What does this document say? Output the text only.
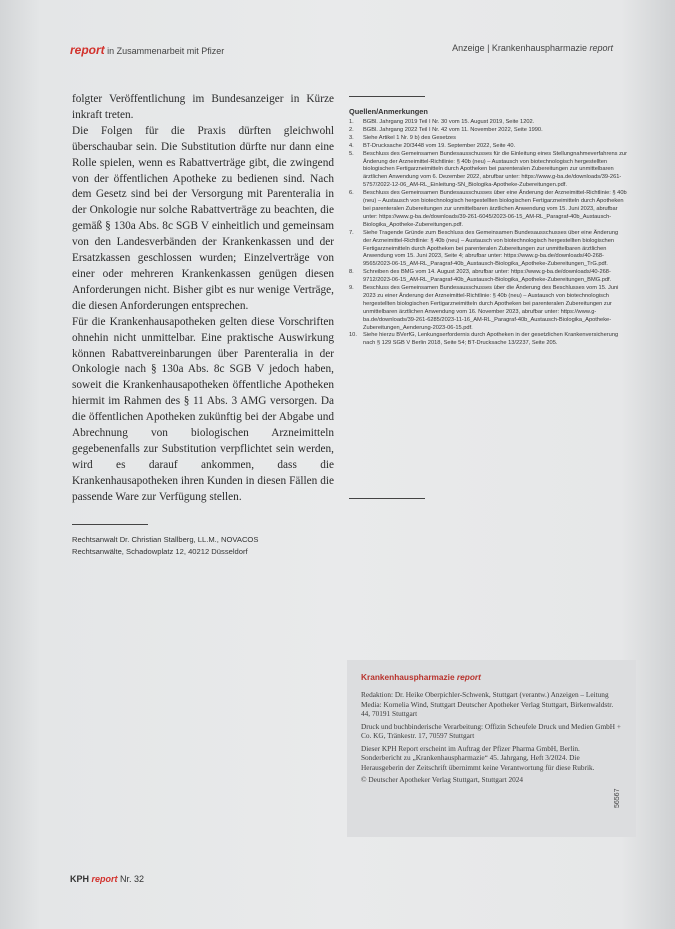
report in Zusammenarbeit mit Pfizer	Anzeige | Krankenhauspharmazie report

folgter Veröffentlichung im Bundesanzeiger in Kürze inkraft treten.

Die Folgen für die Praxis dürften gleichwohl überschaubar sein. Die Substitution dürfte nur dann eine Rolle spielen, wenn es Rabattverträge gibt, die zwingend von der öffentlichen Apotheke zu bedienen sind. Nach dem Gesetz sind bei der Versorgung mit Parenteralia in der Onkologie nur solche Rabattverträge zu beachten, die gemäß § 130a Abs. 8c SGB V einheitlich und gemeinsam von den Landesverbänden der Krankenkassen und der Ersatzkassen geschlossen wurden; Einzelverträge von einer oder mehreren Krankenkassen genügen diesen Anforderungen nicht. Bisher gibt es nur wenige Verträge, die diesen Anforderungen entsprechen.

Für die Krankenhausapotheken gelten diese Vorschriften ohnehin nicht unmittelbar. Eine praktische Auswirkung können Rabattvereinbarungen über Parenteralia in der Onkologie nach § 130a Abs. 8c SGB V jedoch haben, soweit die Krankenhausapotheken öffentliche Apotheken hiermit im Rahmen des § 11 Abs. 3 AMG versorgen. Da die öffentlichen Apotheken zukünftig bei der Abgabe und Abrechnung von biologischen Arzneimitteln gegebenenfalls zur Substitution verpflichtet sein werden, wird es darauf ankommen, dass die Krankenhausapotheken ihren Kunden in diesen Fällen die passende Ware zur Verfügung stellen.

Rechtsanwalt Dr. Christian Stallberg, LL.M., NOVACOS
Rechtsanwälte, Schadowplatz 12, 40212 Düsseldorf
Quellen/Anmerkungen
1.	BGBl. Jahrgang 2019 Teil I Nr. 30 vom 15. August 2019, Seite 1202.
2.	BGBl. Jahrgang 2022 Teil I Nr. 42 vom 11. November 2022, Seite 1990.
3.	Siehe Artikel 1 Nr. 9 b) des Gesetzes
4.	BT-Drucksache 20/3448 vom 19. September 2022, Seite 40.
5.	Beschluss des Gemeinsamen Bundesausschusses für die Einleitung eines Stellungnahmeverfahrens zur Änderung der Arzneimittel-Richtlinie: § 40b (neu) – Austausch von biotechnologisch hergestellten biologischen Fertigarzneimitteln durch Apotheken bei parenteralen Zubereitungen zur unmittelbaren ärztlichen Anwendung vom 6. Dezember 2022, abrufbar unter: https://www.g-ba.de/downloads/39-261-5757/2022-12-06_AM-RL_Einleitung-SN_Biologika-Apotheke-Zubereitungen.pdf.
6.	Beschluss des Gemeinsamen Bundesausschusses über eine Änderung der Arzneimittel-Richtlinie: § 40b (neu) – Austausch von biotechnologisch hergestellten biologischen Fertigarzneimitteln durch Apotheken bei parenteralen Zubereitungen zur unmittelbaren ärztlichen Anwendung vom 15. Juni 2023, abrufbar unter: https://www.g-ba.de/downloads/39-261-6045/2023-06-15_AM-RL_Paragraf-40b_Austausch-Biologika_Apotheke-Zubereitungen.pdf.
7.	Siehe Tragende Gründe zum Beschluss des Gemeinsamen Bundesausschusses über eine Änderung der Arzneimittel-Richtlinie: § 40b (neu) – Austausch von biotechnologisch hergestellten biologischen Fertigarzneimitteln durch Apotheken bei parenteralen Zubereitungen zur unmittelbaren ärztlichen Anwendung vom 15. Juni 2023, Seite 4; abrufbar unter: https://www.g-ba.de/downloads/40-268-9565/2023-06-15_AM-RL_Paragraf-40b_Austausch-Biologika_Apotheke-Zubereitungen_TrG.pdf.
8.	Schreiben des BMG vom 14. August 2023, abrufbar unter: https://www.g-ba.de/downloads/40-268-9712/2023-06-15_AM-RL_Paragraf-40b_Austausch-Biologika_Apotheke-Zubereitungen_BMG.pdf.
9.	Beschluss des Gemeinsamen Bundesausschusses über die Änderung des Beschlusses vom 15. Juni 2023 zu einer Änderung der Arzneimittel-Richtlinie: § 40b (neu) – Austausch von biotechnologisch hergestellten biologischen Fertigarzneimitteln durch Apotheken bei parenteralen Zubereitungen zur unmittelbaren ärztlichen Anwendung vom 16. November 2023, abrufbar unter: https://www.g-ba.de/downloads/39-261-6285/2023-11-16_AM-RL_Paragraf-40b_Austausch-Biologika_Apotheke-Zubereitungen_Aenderung-2023-06-15.pdf.
10.	Siehe hierzu BVerfG, Lenkungserfordernis durch Apotheken in der gesetzlichen Krankenversicherung nach § 129 SGB V Berlin 2018, Seite 54; BT-Drucksache 13/2237, Seite 205.
Krankenhauspharmazie report

Redaktion: Dr. Heike Oberpichler-Schwenk, Stuttgart (verantw.) Anzeigen – Leitung Media: Kornelia Wind, Stuttgart Deutscher Apotheker Verlag Stuttgart, Birkenwaldstr. 44, 70191 Stuttgart

Druck und buchbinderische Verarbeitung: Offizin Scheufele Druck und Medien GmbH + Co. KG, Tränkestr. 17, 70597 Stuttgart

Dieser KPH Report erscheint im Auftrag der Pfizer Pharma GmbH, Berlin. Sonderbericht zu „Krankenhauspharmazie“ 45. Jahrgang, Heft 3/2024. Die Herausgeberin der Zeitschrift übernimmt keine Verantwortung für diese Rubrik.

© Deutscher Apotheker Verlag Stuttgart, Stuttgart 2024

56567
KPH report Nr. 32
